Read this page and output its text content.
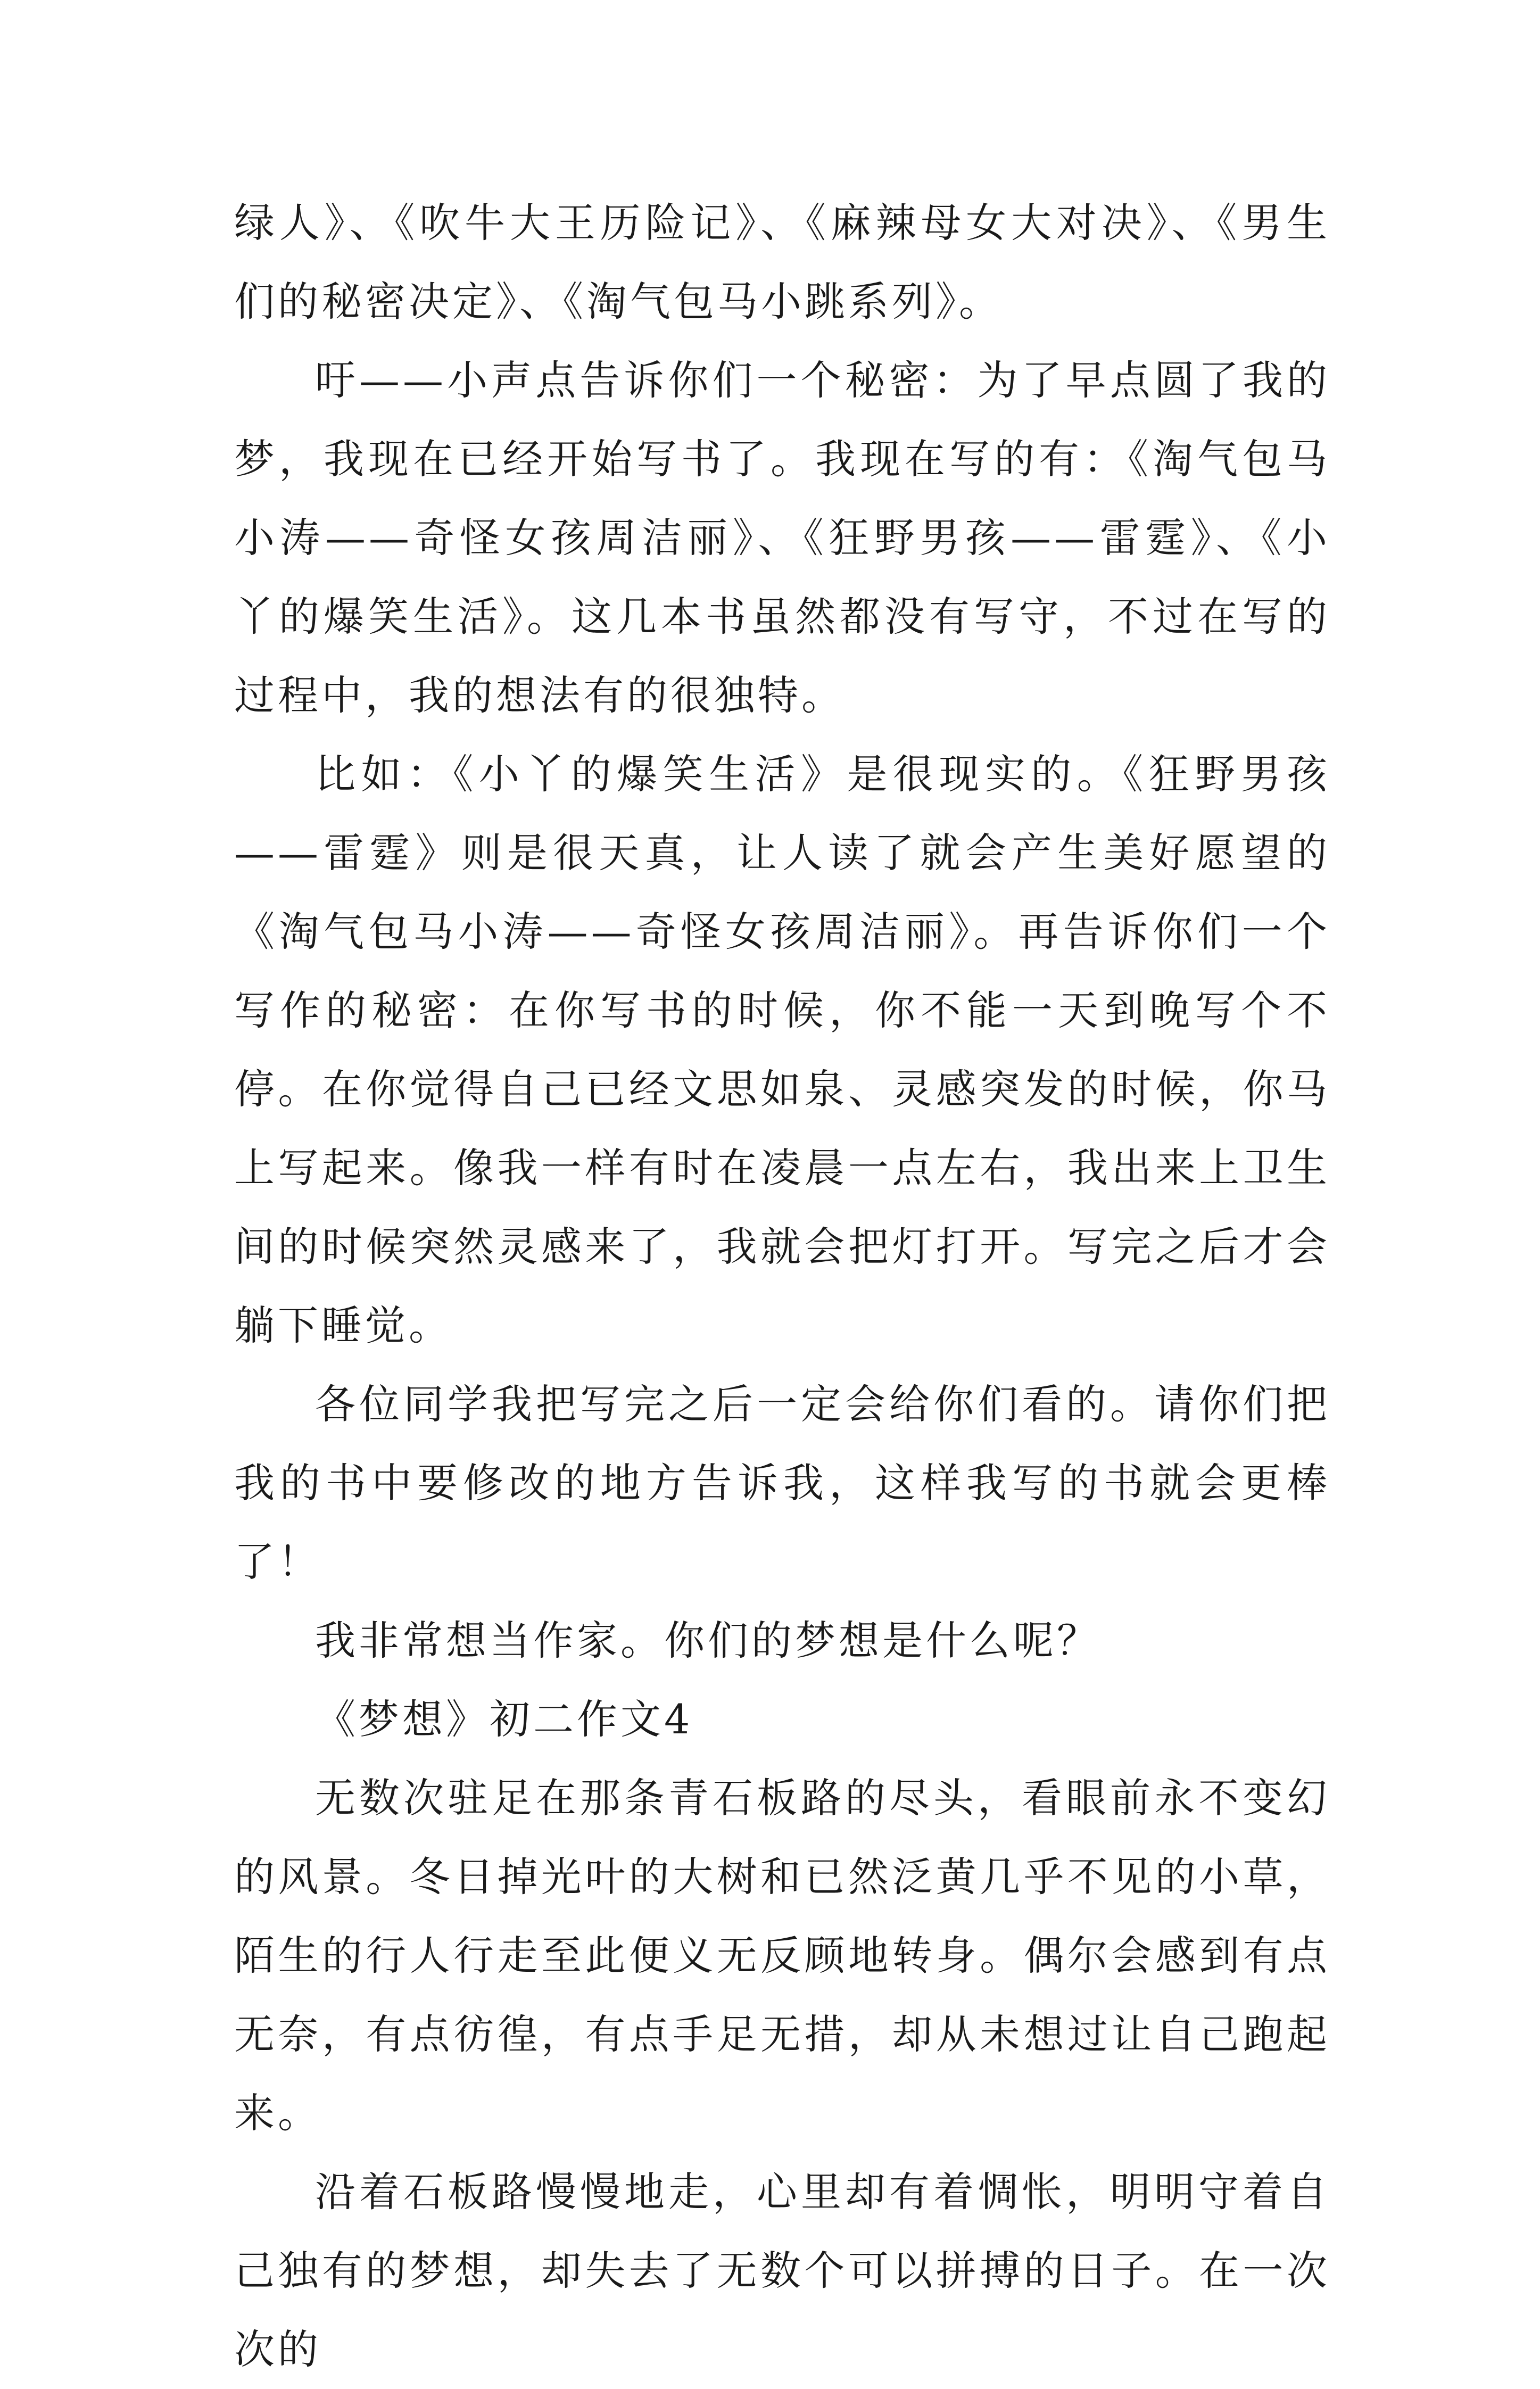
绿人》、《吹牛大王历险记》、《麻辣母女大对决》、《男生们的秘密决定》、《淘气包马小跳系列》。

吁——小声点告诉你们一个秘密：为了早点圆了我的梦，我现在已经开始写书了。我现在写的有：《淘气包马小涛——奇怪女孩周洁丽》、《狂野男孩——雷霆》、《小丫的爆笑生活》。这几本书虽然都没有写守，不过在写的过程中，我的想法有的很独特。

比如：《小丫的爆笑生活》是很现实的。《狂野男孩——雷霆》则是很天真，让人读了就会产生美好愿望的《淘气包马小涛——奇怪女孩周洁丽》。再告诉你们一个写作的秘密：在你写书的时候，你不能一天到晚写个不停。在你觉得自己已经文思如泉、灵感突发的时候，你马上写起来。像我一样有时在凌晨一点左右，我出来上卫生间的时候突然灵感来了，我就会把灯打开。写完之后才会躺下睡觉。

各位同学我把写完之后一定会给你们看的。请你们把我的书中要修改的地方告诉我，这样我写的书就会更棒了！

我非常想当作家。你们的梦想是什么呢？

《梦想》初二作文4

无数次驻足在那条青石板路的尽头，看眼前永不变幻的风景。冬日掉光叶的大树和已然泛黄几乎不见的小草，陌生的行人行走至此便义无反顾地转身。偶尔会感到有点无奈，有点彷徨，有点手足无措，却从未想过让自己跑起来。

沿着石板路慢慢地走，心里却有着惆怅，明明守着自己独有的梦想，却失去了无数个可以拼搏的日子。在一次次的
